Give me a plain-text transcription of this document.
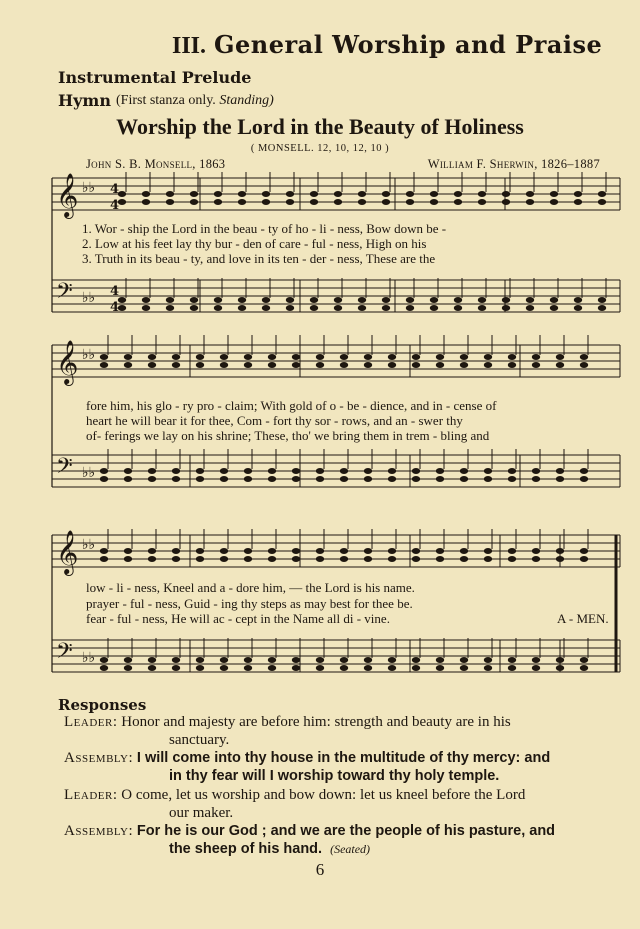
III. General Worship and Praise
Instrumental Prelude
Hymn (First stanza only. Standing)
Worship the Lord in the Beauty of Holiness
( MONSELL. 12, 10, 12, 10 )
John S. B. Monsell, 1863	William F. Sherwin, 1826–1887
𝄞 ♭♭
𝄢 ♭♭
4
4
4
4
𝄞 ♭♭
𝄢 ♭♭
𝄞 ♭♭
𝄢 ♭♭
1. Wor - ship the Lord in the beau - ty of ho - li - ness, Bow down be -
2. Low at his feet lay thy bur - den of care - ful - ness, High on his
3. Truth in its beau - ty, and love in its ten - der - ness, These are the
fore him, his glo - ry pro - claim; With gold of o - be - dience, and in - cense of
heart he will bear it for thee, Com - fort thy sor - rows, and an - swer thy
of- ferings we lay on his shrine; These, tho' we bring them in trem - bling and
low - li - ness, Kneel and a - dore him, — the Lord is his name.
prayer - ful - ness, Guid - ing thy steps as may best for thee be.
fear - ful - ness, He will ac - cept in the Name all di - vine.	A - MEN.
Responses
Leader: Honor and majesty are before him: strength and beauty are in his
sanctuary.
Assembly: I will come into thy house in the multitude of thy mercy: and
in thy fear will I worship toward thy holy temple.
Leader: O come, let us worship and bow down: let us kneel before the Lord
our maker.
Assembly: For he is our God ; and we are the people of his pasture, and
the sheep of his hand. (Seated)
6
